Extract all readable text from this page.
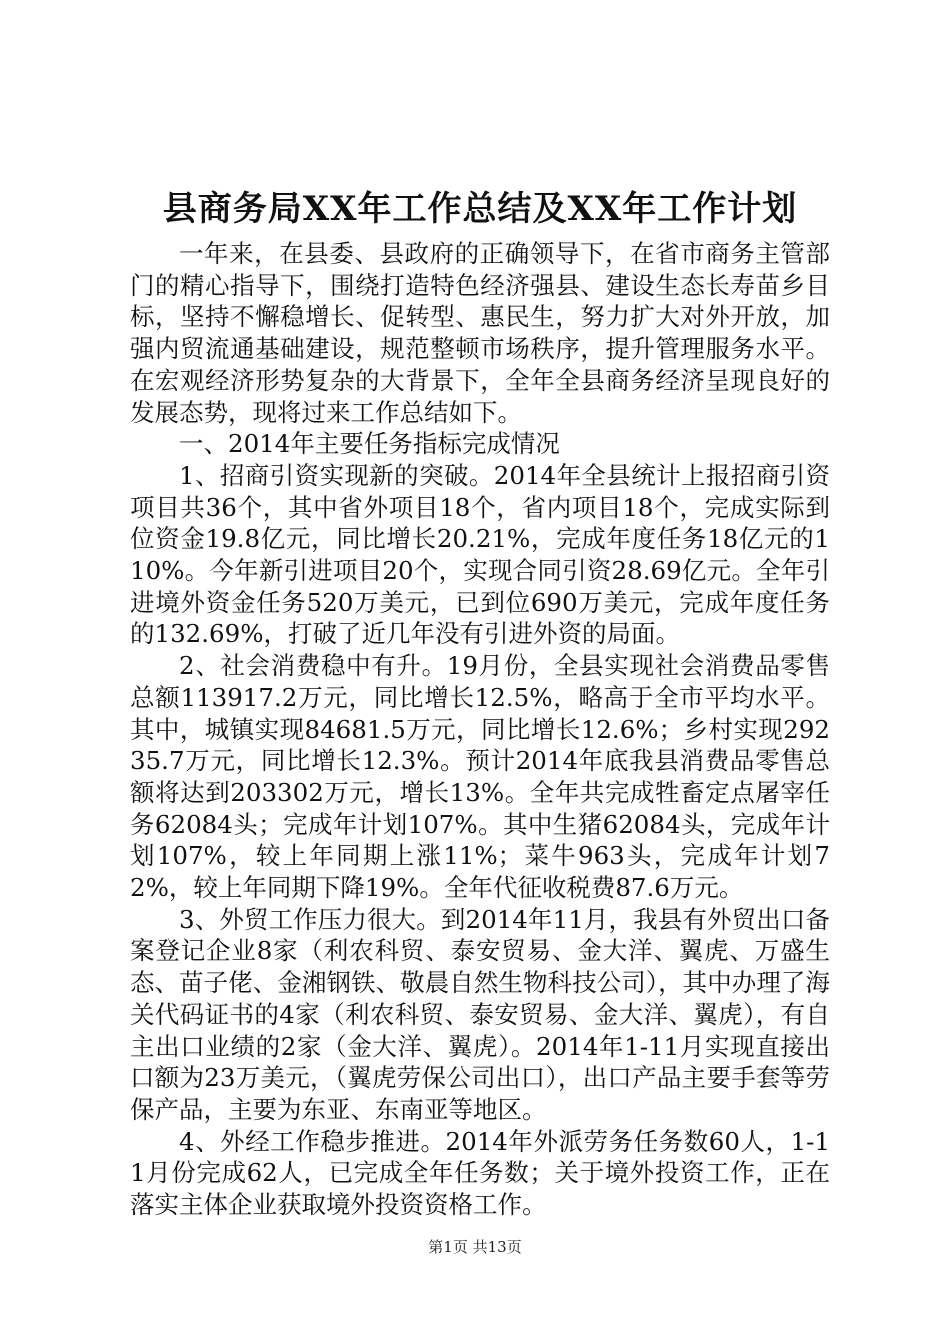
县商务局XX年工作总结及XX年工作计划

一年来，在县委、县政府的正确领导下，在省市商务主管部门的精心指导下，围绕打造特色经济强县、建设生态长寿苗乡目标，坚持不懈稳增长、促转型、惠民生，努力扩大对外开放，加强内贸流通基础建设，规范整顿市场秩序，提升管理服务水平。在宏观经济形势复杂的大背景下，全年全县商务经济呈现良好的发展态势，现将过来工作总结如下。

一、2014年主要任务指标完成情况

1、招商引资实现新的突破。2014年全县统计上报招商引资项目共36个，其中省外项目18个，省内项目18个，完成实际到位资金19.8亿元，同比增长20.21%，完成年度任务18亿元的110%。今年新引进项目20个，实现合同引资28.69亿元。全年引进境外资金任务520万美元，已到位690万美元，完成年度任务的132.69%，打破了近几年没有引进外资的局面。

2、社会消费稳中有升。19月份，全县实现社会消费品零售总额113917.2万元，同比增长12.5%，略高于全市平均水平。其中，城镇实现84681.5万元，同比增长12.6%；乡村实现29235.7万元，同比增长12.3%。预计2014年底我县消费品零售总额将达到203302万元，增长13%。全年共完成牲畜定点屠宰任务62084头；完成年计划107%。其中生猪62084头，完成年计划107%，较上年同期上涨11%；菜牛963头，完成年计划72%，较上年同期下降19%。全年代征收税费87.6万元。

3、外贸工作压力很大。到2014年11月，我县有外贸出口备案登记企业8家（利农科贸、泰安贸易、金大洋、翼虎、万盛生态、苗子佬、金湘钢铁、敬晨自然生物科技公司），其中办理了海关代码证书的4家（利农科贸、泰安贸易、金大洋、翼虎），有自主出口业绩的2家（金大洋、翼虎）。2014年1-11月实现直接出口额为23万美元，（翼虎劳保公司出口），出口产品主要手套等劳保产品，主要为东亚、东南亚等地区。

4、外经工作稳步推进。2014年外派劳务任务数60人，1-11月份完成62人，已完成全年任务数；关于境外投资工作，正在落实主体企业获取境外投资资格工作。

第1页 共13页
